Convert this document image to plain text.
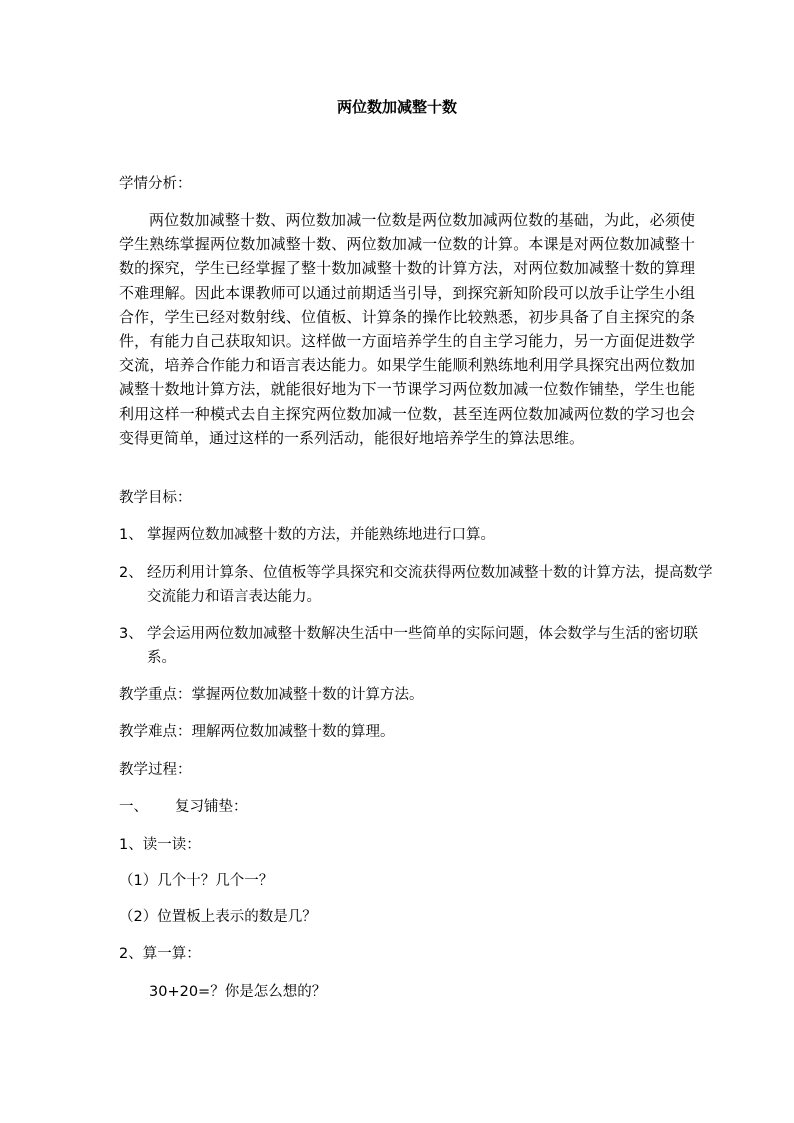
两位数加减整十数
学情分析：
两位数加减整十数、两位数加减一位数是两位数加减两位数的基础，为此，必须使学生熟练掌握两位数加减整十数、两位数加减一位数的计算。本课是对两位数加减整十数的探究，学生已经掌握了整十数加减整十数的计算方法，对两位数加减整十数的算理不难理解。因此本课教师可以通过前期适当引导，到探究新知阶段可以放手让学生小组合作，学生已经对数射线、位值板、计算条的操作比较熟悉，初步具备了自主探究的条件，有能力自己获取知识。这样做一方面培养学生的自主学习能力，另一方面促进数学交流，培养合作能力和语言表达能力。如果学生能顺利熟练地利用学具探究出两位数加减整十数地计算方法，就能很好地为下一节课学习两位数加减一位数作铺垫，学生也能利用这样一种模式去自主探究两位数加减一位数，甚至连两位数加减两位数的学习也会变得更简单，通过这样的一系列活动，能很好地培养学生的算法思维。
教学目标：
1、 掌握两位数加减整十数的方法，并能熟练地进行口算。
2、 经历利用计算条、位值板等学具探究和交流获得两位数加减整十数的计算方法，提高数学交流能力和语言表达能力。
3、 学会运用两位数加减整十数解决生活中一些简单的实际问题，体会数学与生活的密切联系。
教学重点：掌握两位数加减整十数的计算方法。
教学难点：理解两位数加减整十数的算理。
教学过程：
一、 复习铺垫：
1、读一读：
（1）几个十？几个一？
（2）位置板上表示的数是几？
2、算一算：
30+20=？你是怎么想的？
